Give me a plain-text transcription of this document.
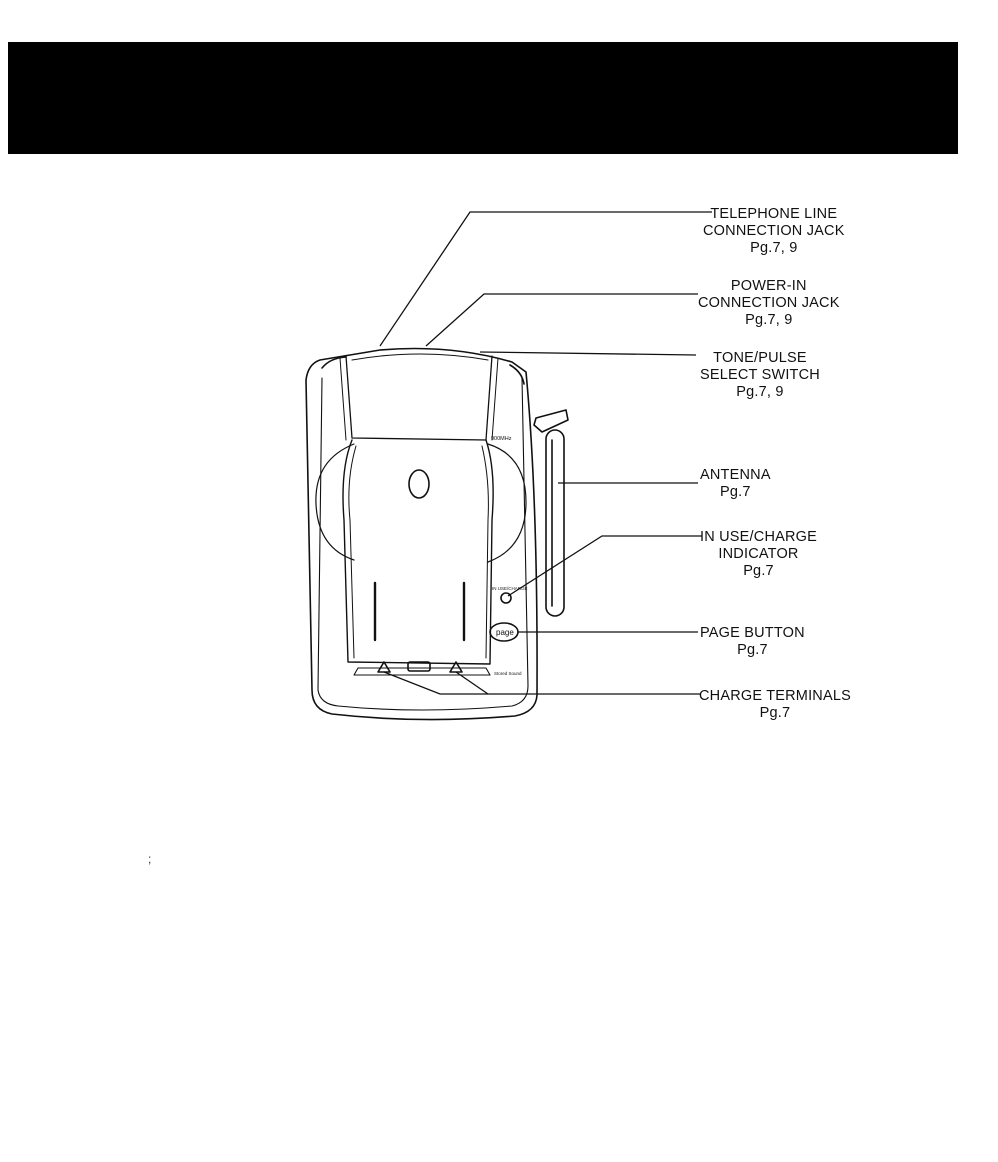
900MHz
IN USE/CHARGE
page
Stored Sound
TELEPHONE LINE
CONNECTION JACK
Pg.7, 9
POWER-IN
CONNECTION JACK
Pg.7, 9
TONE/PULSE
SELECT SWITCH
Pg.7, 9
ANTENNA
Pg.7
IN USE/CHARGE
INDICATOR
Pg.7
PAGE BUTTON
Pg.7
CHARGE TERMINALS
Pg.7
;
